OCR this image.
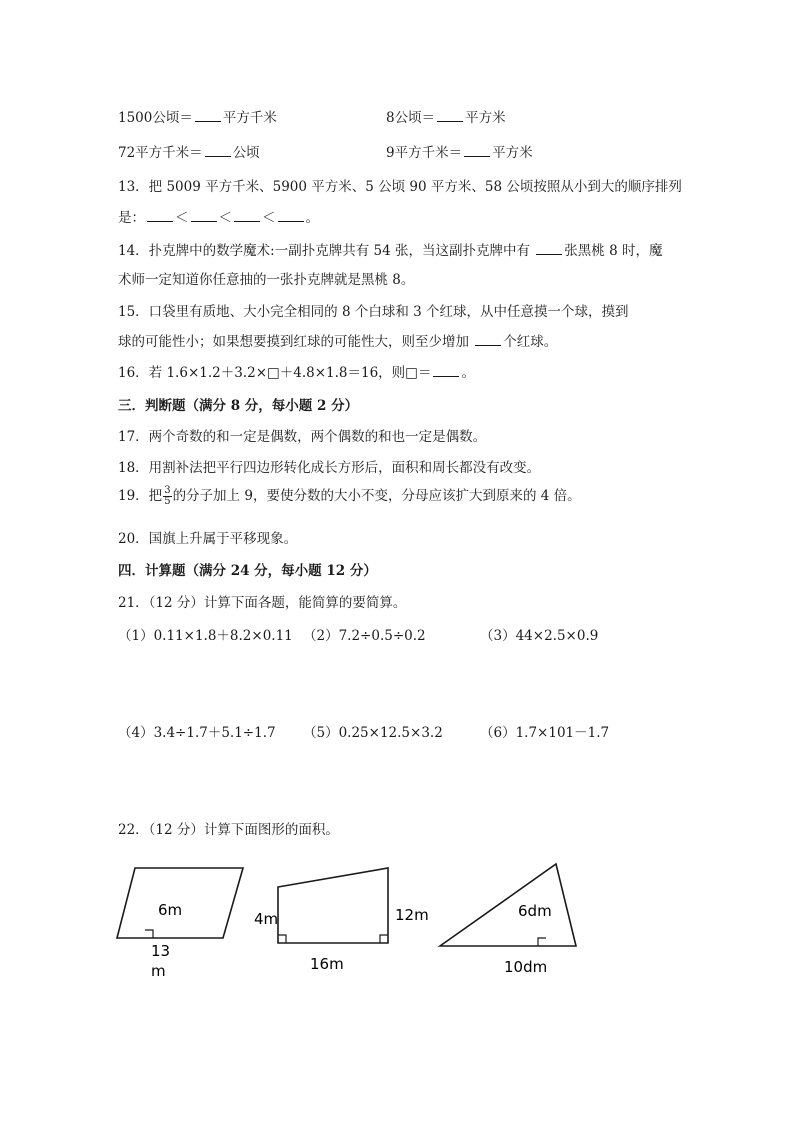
1500公顷＝ 平方千米	8公顷＝ 平方米
72平方千米＝ 公顷	9平方千米＝ 平方米
13．把 5009 平方千米、5900 平方米、5 公顷 90 平方米、58 公顷按照从小到大的顺序排列
是： ＜ ＜ ＜ 。
14．扑克牌中的数学魔术:一副扑克牌共有 54 张，当这副扑克牌中有 张黑桃 8 时，魔
术师一定知道你任意抽的一张扑克牌就是黑桃 8。
15．口袋里有质地、大小完全相同的 8 个白球和 3 个红球，从中任意摸一个球，摸到
球的可能性小；如果想要摸到红球的可能性大，则至少增加 个红球。
16．若 1.6×1.2＋3.2×□＋4.8×1.8＝16，则□＝ 。
三．判断题（满分 8 分，每小题 2 分）
17．两个奇数的和一定是偶数，两个偶数的和也一定是偶数。
18．用割补法把平行四边形转化成长方形后，面积和周长都没有改变。
19．把 $\frac{3}{5}$ 的分子加上 9，要使分数的大小不变，分母应该扩大到原来的 4 倍。
20．国旗上升属于平移现象。
四．计算题（满分 24 分，每小题 12 分）
21．（12 分）计算下面各题，能简算的要简算。
（1）0.11×1.8＋8.2×0.11 （2）7.2÷0.5÷0.2	（3）44×2.5×0.9
（4）3.4÷1.7＋5.1÷1.7 （5）0.25×12.5×3.2	（6）1.7×101－1.7
22．（12 分）计算下面图形的面积。
6m
13
m
4m	12m
16m
6dm
10dm
